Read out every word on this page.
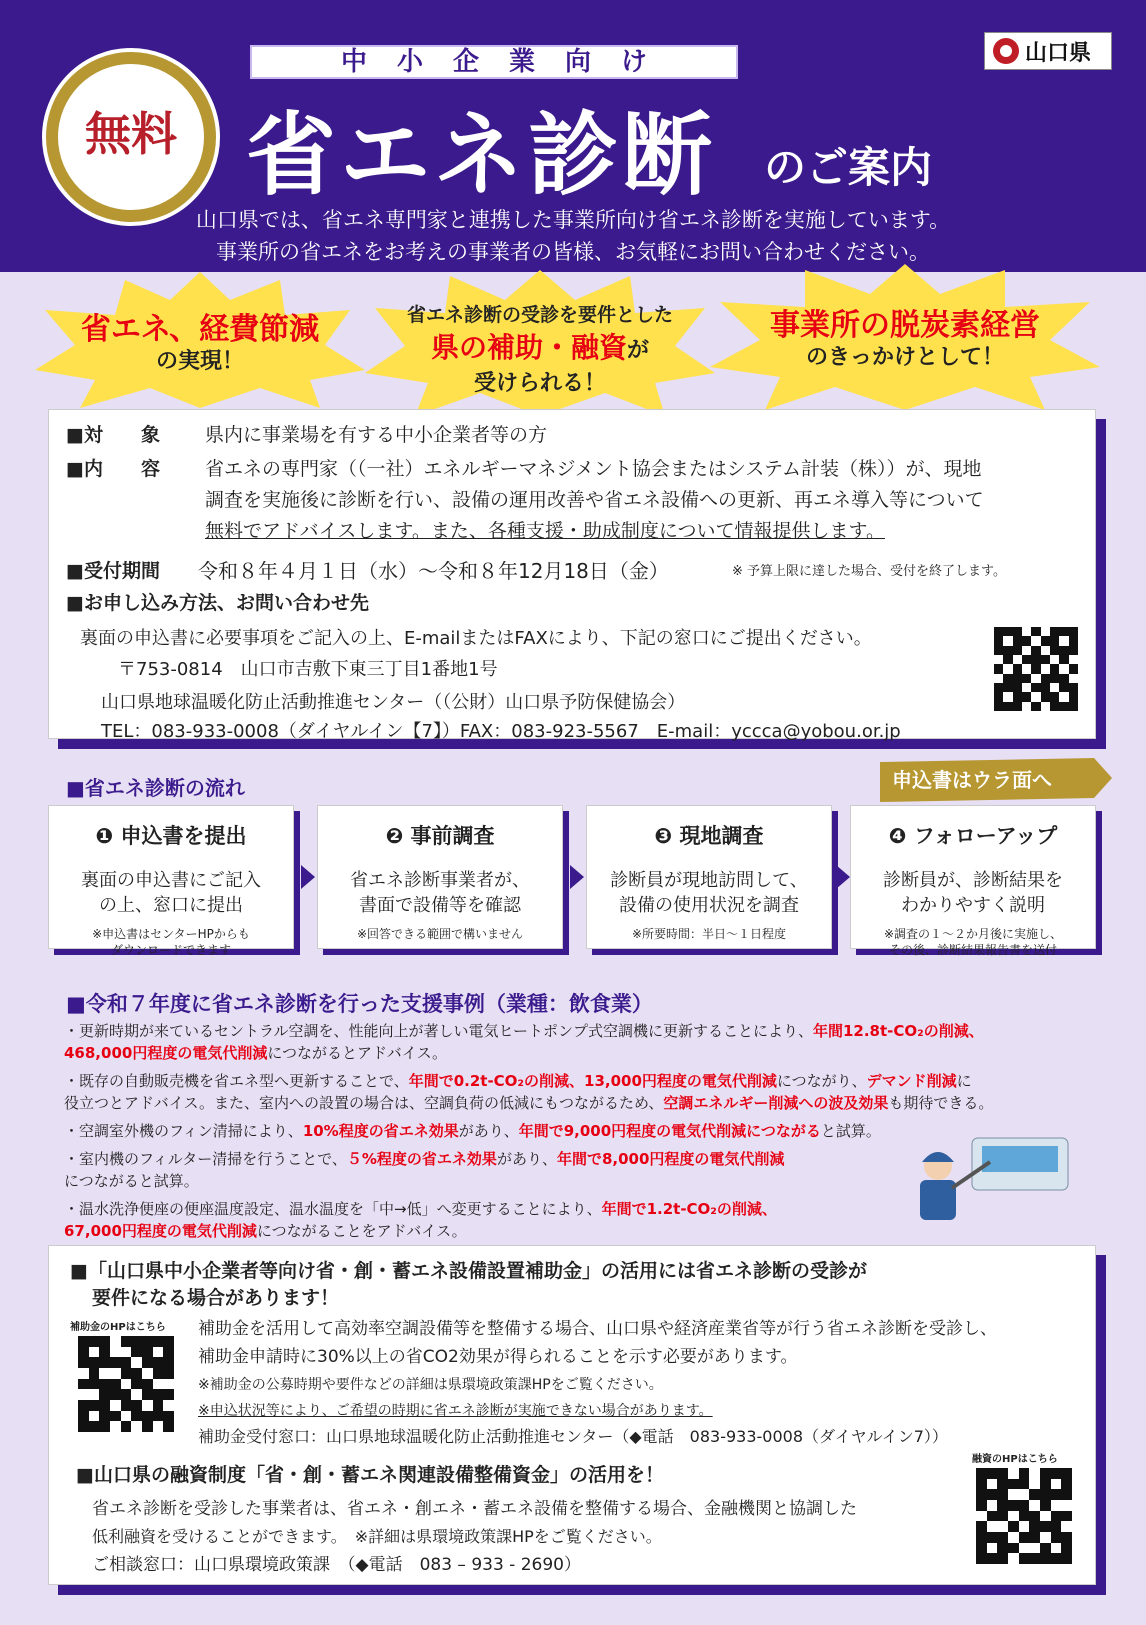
中小企業向け
無料 省エネ診断 のご案内
山口県
山口県では、省エネ専門家と連携した事業所向け省エネ診断を実施しています。
事業所の省エネをお考えの事業者の皆様、お気軽にお問い合わせください。
省エネ、経費節減
の実現！
省エネ診断の受診を要件とした
県の補助・融資が
受けられる！
事業所の脱炭素経営
のきっかけとして！
■対　　象 県内に事業場を有する中小企業者等の方
■内　　容 省エネの専門家（（一社）エネルギーマネジメント協会またはシステム計装（株））が、現地
調査を実施後に診断を行い、設備の運用改善や省エネ設備への更新、再エネ導入等について
無料でアドバイスします。また、各種支援・助成制度について情報提供します。
■受付期間 令和８年４月１日（水）～令和８年12月18日（金）	※ 予算上限に達した場合、受付を終了します。
■お申し込み方法、お問い合わせ先
裏面の申込書に必要事項をご記入の上、E-mailまたはFAXにより、下記の窓口にご提出ください。
〒753-0814　山口市吉敷下東三丁目1番地1号
山口県地球温暖化防止活動推進センター（（公財）山口県予防保健協会）
TEL：083-933-0008（ダイヤルイン【7】）FAX：083-923-5567　E-mail：yccca@yobou.or.jp
■省エネ診断の流れ	申込書はウラ面へ
❶ 申込書を提出
裏面の申込書にご記入
の上、窓口に提出
※申込書はセンターHPからも
ダウンロードできます
❷ 事前調査
省エネ診断事業者が、
書面で設備等を確認
※回答できる範囲で構いません
❸ 現地調査
診断員が現地訪問して、
設備の使用状況を調査
※所要時間：半日～１日程度
❹ フォローアップ
診断員が、診断結果を
わかりやすく説明
※調査の１～２か月後に実施し、
その後、診断結果報告書を送付
■令和７年度に省エネ診断を行った支援事例（業種：飲食業）
・更新時期が来ているセントラル空調を、性能向上が著しい電気ヒートポンプ式空調機に更新することにより、年間12.8t-CO₂の削減、
468,000円程度の電気代削減につながるとアドバイス。
・既存の自動販売機を省エネ型へ更新することで、年間で0.2t-CO₂の削減、13,000円程度の電気代削減につながり、デマンド削減に
役立つとアドバイス。また、室内への設置の場合は、空調負荷の低減にもつながるため、空調エネルギー削減への波及効果も期待できる。
・空調室外機のフィン清掃により、10%程度の省エネ効果があり、年間で9,000円程度の電気代削減につながると試算。
・室内機のフィルター清掃を行うことで、５%程度の省エネ効果があり、年間で8,000円程度の電気代削減
につながると試算。
・温水洗浄便座の便座温度設定、温水温度を「中→低」へ変更することにより、年間で1.2t-CO₂の削減、
67,000円程度の電気代削減につながることをアドバイス。
■「山口県中小企業者等向け省・創・蓄エネ設備設置補助金」の活用には省エネ診断の受診が
要件になる場合があります！
補助金のHPはこちら 補助金を活用して高効率空調設備等を整備する場合、山口県や経済産業省等が行う省エネ診断を受診し、
補助金申請時に30%以上の省CO2効果が得られることを示す必要があります。
※補助金の公募時期や要件などの詳細は県環境政策課HPをご覧ください。
※申込状況等により、ご希望の時期に省エネ診断が実施できない場合があります。
補助金受付窓口：山口県地球温暖化防止活動推進センター（◆電話　083-933-0008（ダイヤルイン7））
■山口県の融資制度「省・創・蓄エネ関連設備整備資金」の活用を！
融資のHPはこちら
省エネ診断を受診した事業者は、省エネ・創エネ・蓄エネ設備を整備する場合、金融機関と協調した
低利融資を受けることができます。　※詳細は県環境政策課HPをご覧ください。
ご相談窓口：山口県環境政策課　（◆電話　083 – 933 - 2690）
